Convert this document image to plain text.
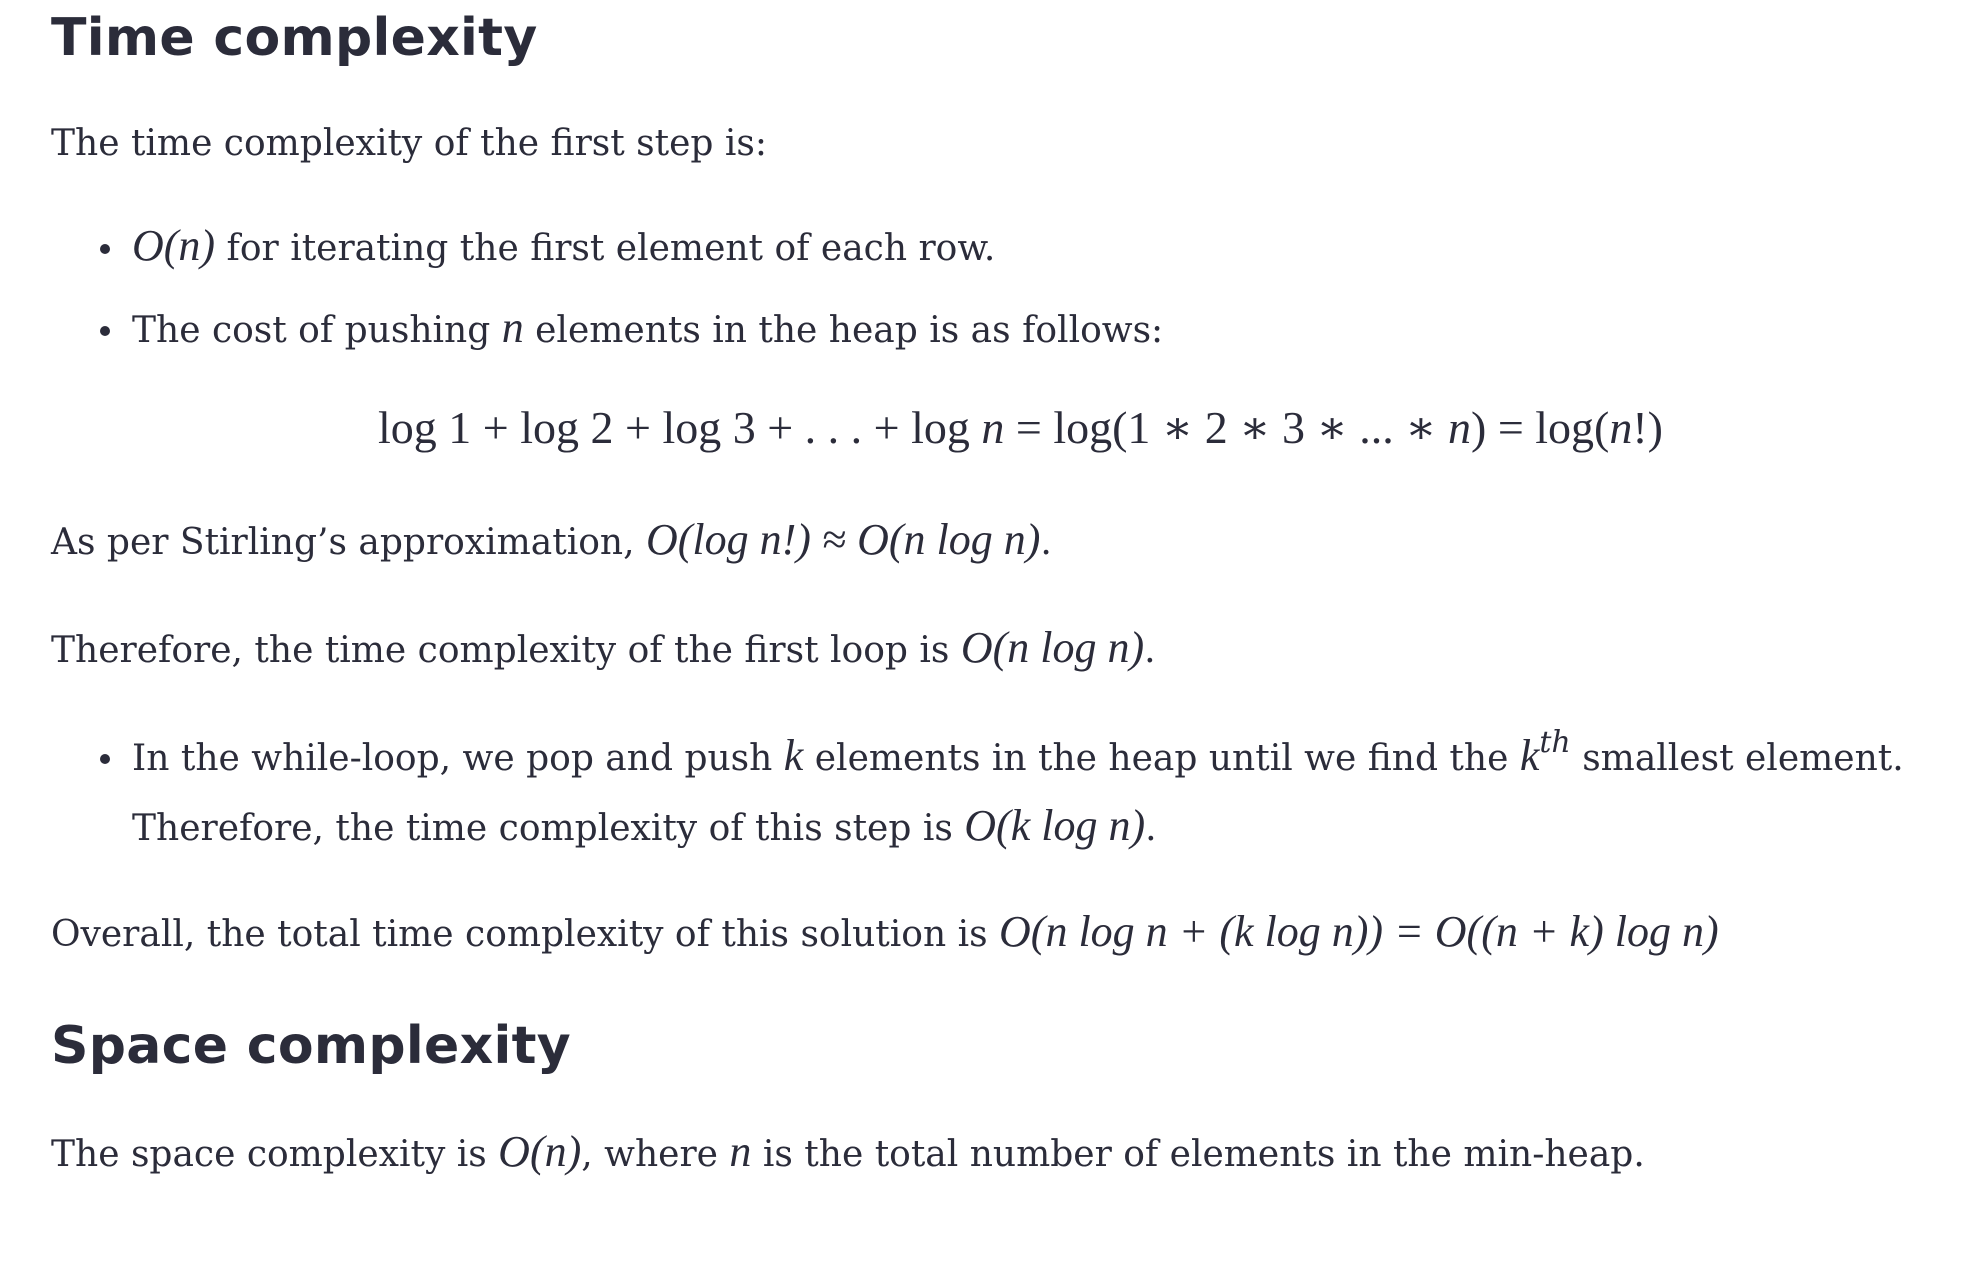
Time complexity
The time complexity of the first step is:
O(n) for iterating the first element of each row.
The cost of pushing n elements in the heap is as follows:
log 1 + log 2 + log 3 + . . . + log n = log(1 ∗ 2 ∗ 3 ∗ ... ∗ n) = log(n!)
As per Stirling’s approximation, O(log n!) ≈ O(n log n).
Therefore, the time complexity of the first loop is O(n log n).
In the while-loop, we pop and push k elements in the heap until we find the $k^{th}$ smallest element.
Therefore, the time complexity of this step is O(k log n).
Overall, the total time complexity of this solution is O(n log n + (k log n)) = O((n + k) log n)
Space complexity
The space complexity is O(n), where n is the total number of elements in the min-heap.
